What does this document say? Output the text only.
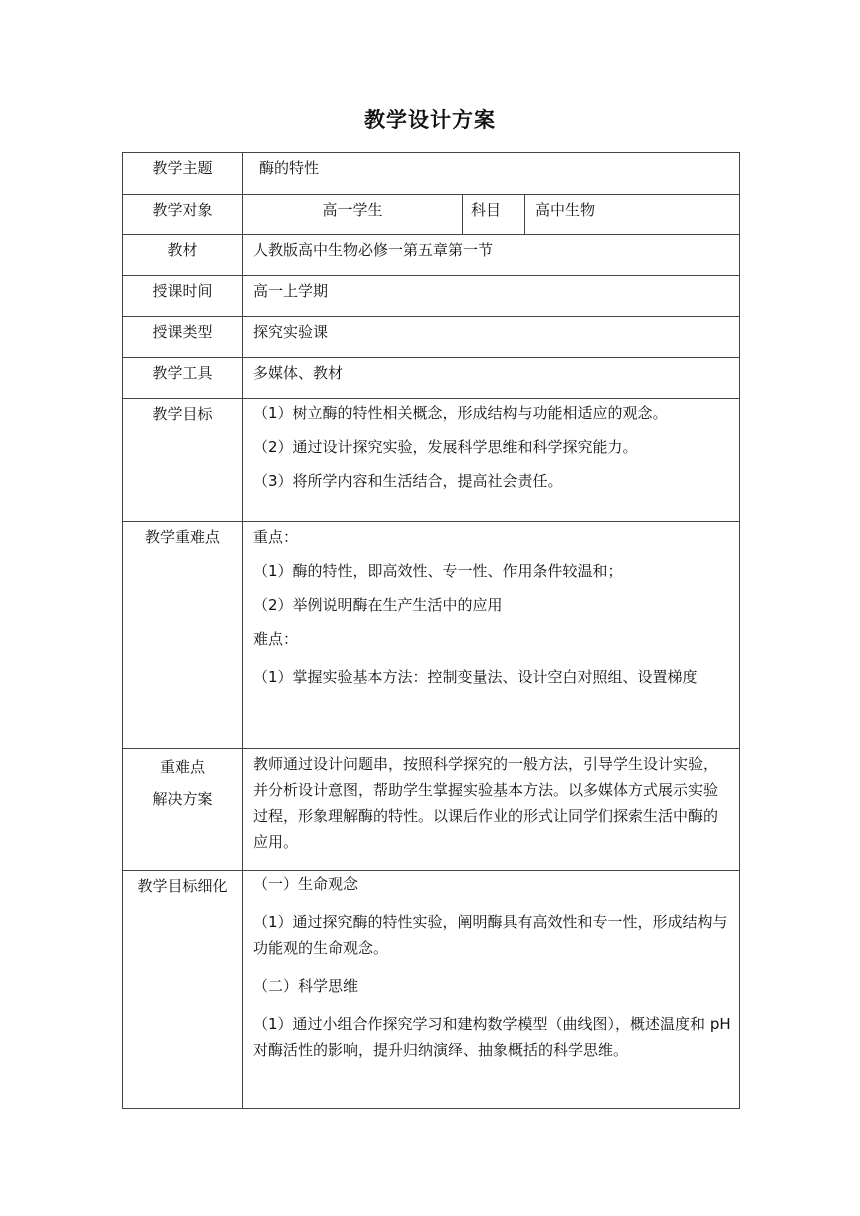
教学设计方案
教学主题	酶的特性		
教学对象	高一学生	科目	高中生物
教材	人教版高中生物必修一第五章第一节		
授课时间	高一上学期		
授课类型	探究实验课		
教学工具	多媒体、教材		
教学目标	（1）树立酶的特性相关概念，形成结构与功能相适应的观念。

（2）通过设计探究实验，发展科学思维和科学探究能力。

（3）将所学内容和生活结合，提高社会责任。		

教学重难点	重点：

（1）酶的特性，即高效性、专一性、作用条件较温和；

（2）举例说明酶在生产生活中的应用

难点：

（1）掌握实验基本方法：控制变量法、设计空白对照组、设置梯度		

重难点
解决方案	教师通过设计问题串，按照科学探究的一般方法，引导学生设计实验，并分析设计意图，帮助学生掌握实验基本方法。以多媒体方式展示实验过程，形象理解酶的特性。以课后作业的形式让同学们探索生活中酶的应用。		

教学目标细化	（一）生命观念

（1）通过探究酶的特性实验，阐明酶具有高效性和专一性，形成结构与功能观的生命观念。

（二）科学思维

（1）通过小组合作探究学习和建构数学模型（曲线图），概述温度和 pH 对酶活性的影响，提升归纳演绎、抽象概括的科学思维。		
